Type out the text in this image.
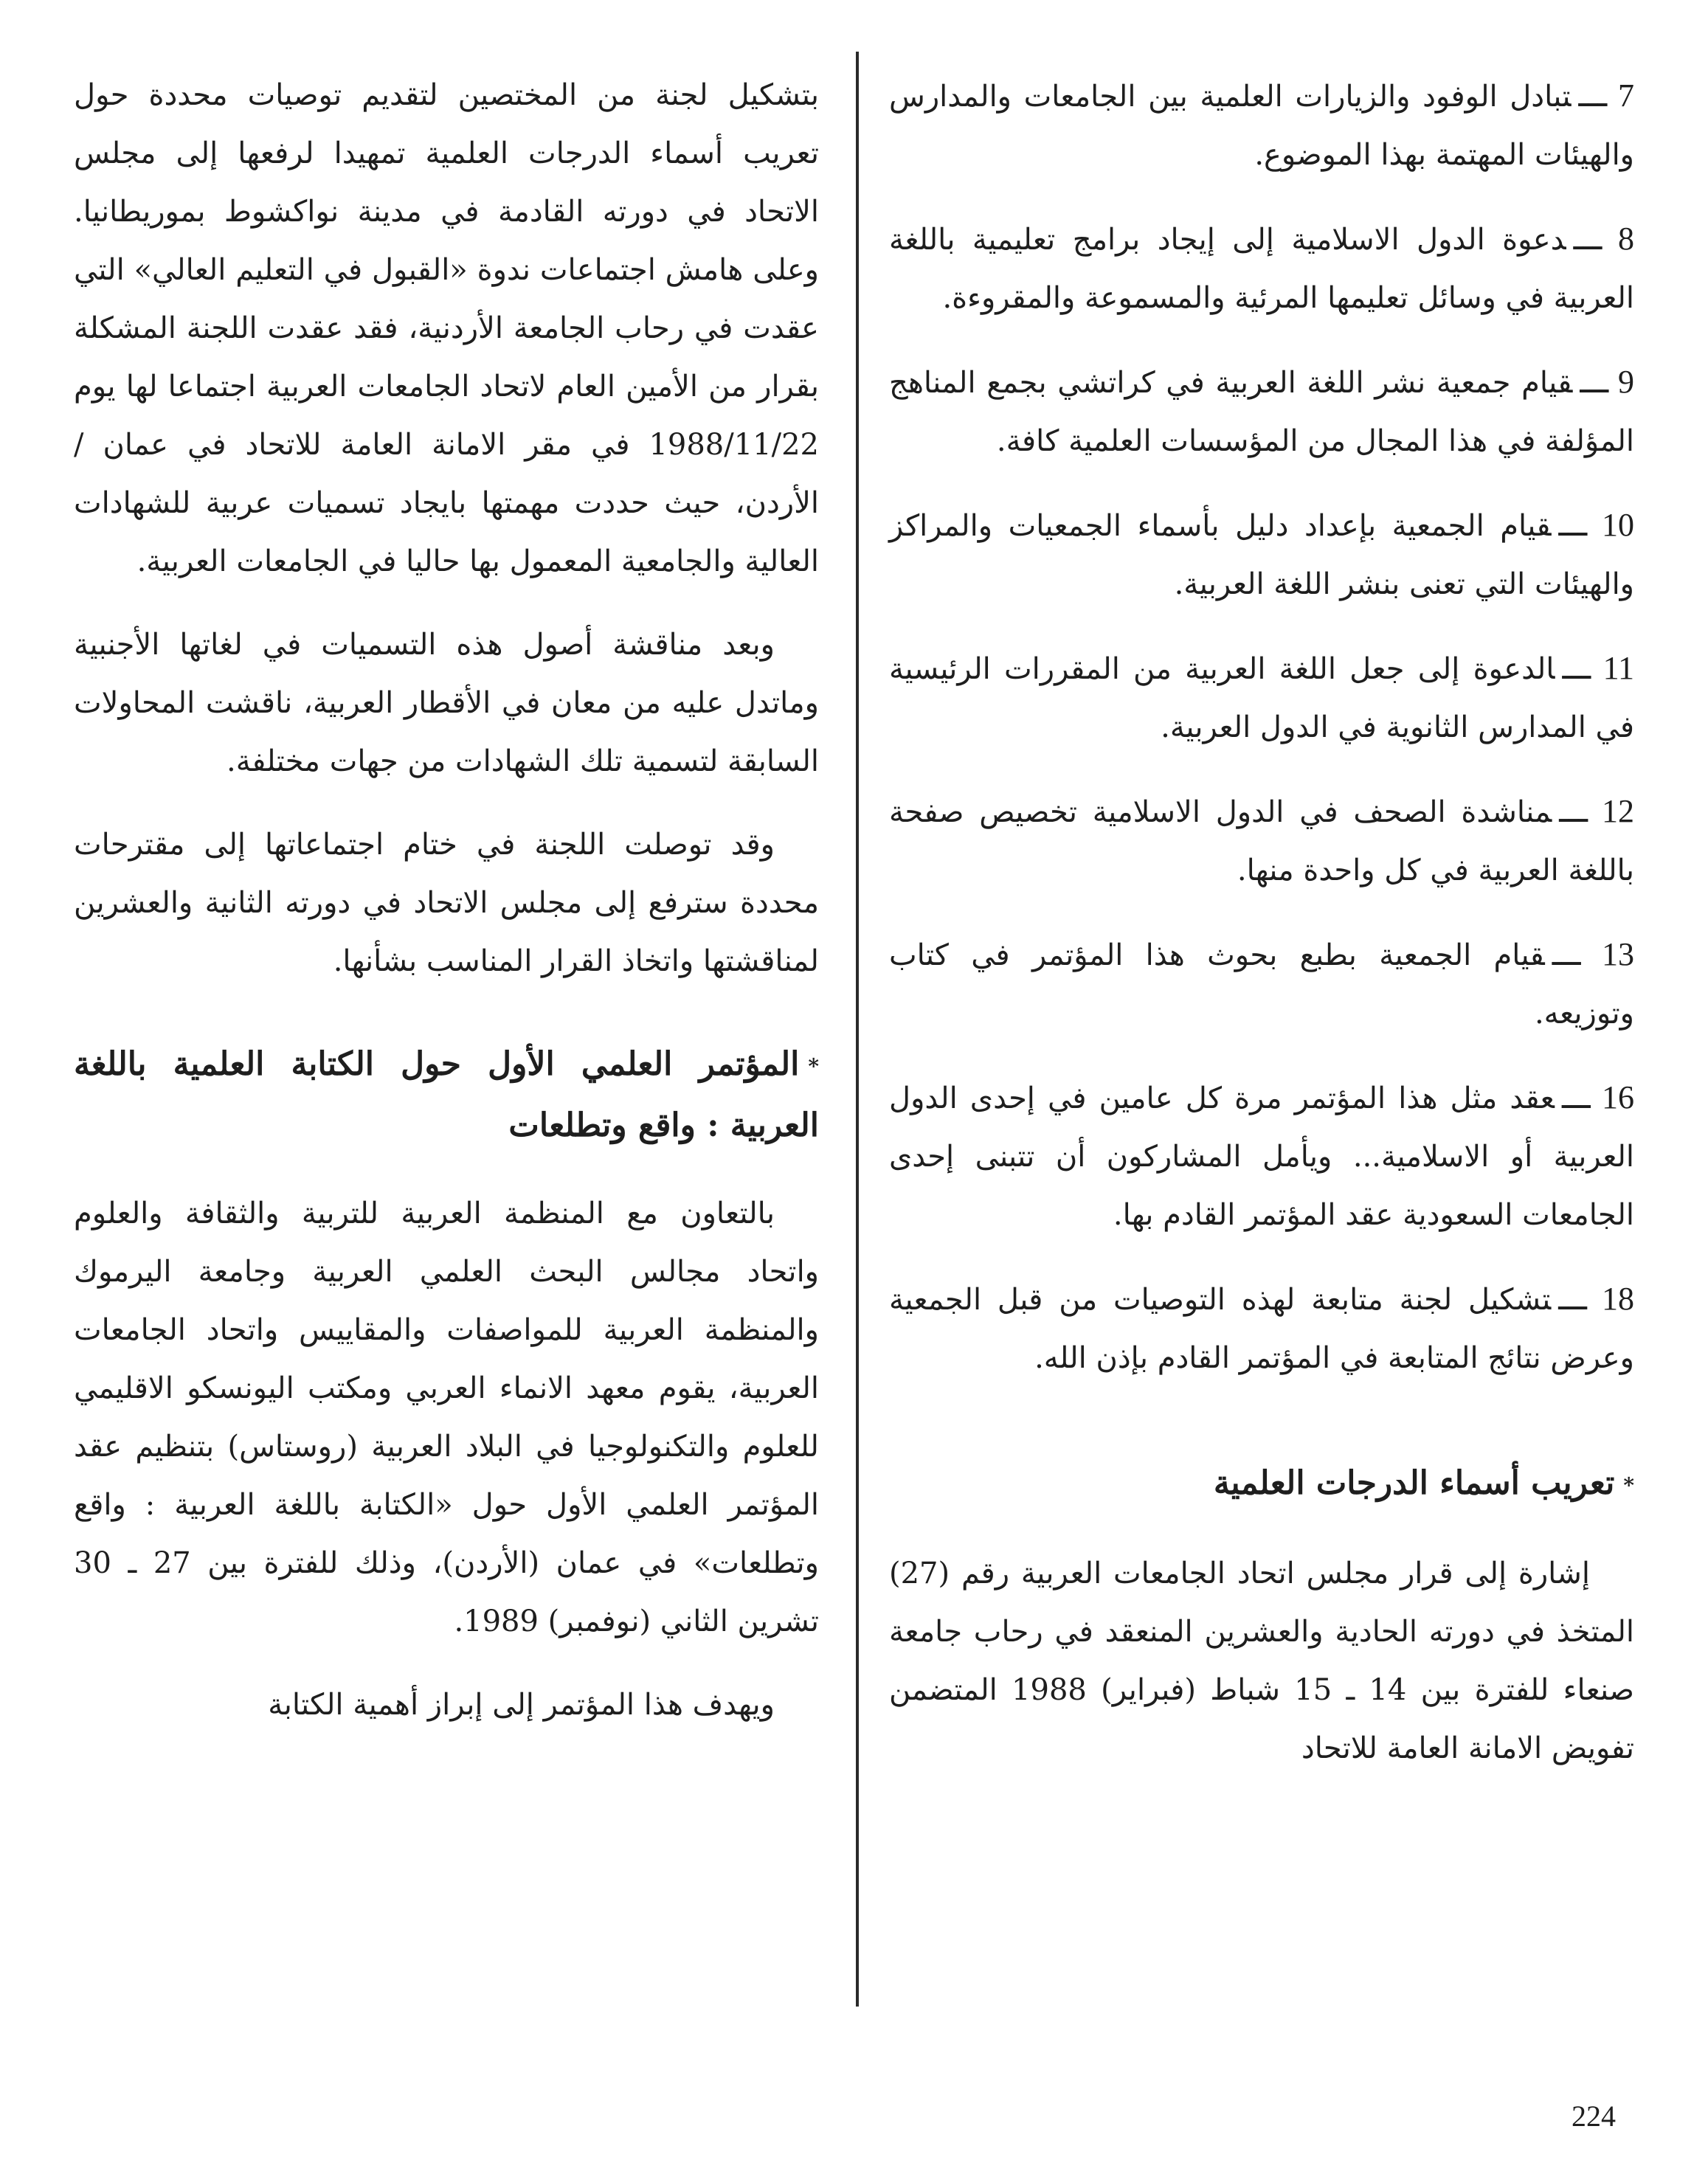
7 ـــتبادل الوفود والزيارات العلمية بين الجامعات والمدارس والهيئات المهتمة بهذا الموضوع.

8 ـــدعوة الدول الاسلامية إلى إيجاد برامج تعليمية باللغة العربية في وسائل تعليمها المرئية والمسموعة والمقروءة.

9 ـــقيام جمعية نشر اللغة العربية في كراتشي بجمع المناهج المؤلفة في هذا المجال من المؤسسات العلمية كافة.

10 ـــقيام الجمعية بإعداد دليل بأسماء الجمعيات والمراكز والهيئات التي تعنى بنشر اللغة العربية.

11 ـــالدعوة إلى جعل اللغة العربية من المقررات الرئيسية في المدارس الثانوية في الدول العربية.

12 ـــمناشدة الصحف في الدول الاسلامية تخصيص صفحة باللغة العربية في كل واحدة منها.

13 ـــقيام الجمعية بطبع بحوث هذا المؤتمر في كتاب وتوزيعه.

16 ـــعقد مثل هذا المؤتمر مرة كل عامين في إحدى الدول العربية أو الاسلامية... ويأمل المشاركون أن تتبنى إحدى الجامعات السعودية عقد المؤتمر القادم بها.

18 ـــتشكيل لجنة متابعة لهذه التوصيات من قبل الجمعية وعرض نتائج المتابعة في المؤتمر القادم بإذن الله.

*تعريب أسماء الدرجات العلمية

إشارة إلى قرار مجلس اتحاد الجامعات العربية رقم (27) المتخذ في دورته الحادية والعشرين المنعقد في رحاب جامعة صنعاء للفترة بين 14 ـ 15 شباط (فبراير) 1988 المتضمن تفويض الامانة العامة للاتحاد

بتشكيل لجنة من المختصين لتقديم توصيات محددة حول تعريب أسماء الدرجات العلمية تمهيدا لرفعها إلى مجلس الاتحاد في دورته القادمة في مدينة نواكشوط بموريطانيا. وعلى هامش اجتماعات ندوة «القبول في التعليم العالي» التي عقدت في رحاب الجامعة الأردنية، فقد عقدت اللجنة المشكلة بقرار من الأمين العام لاتحاد الجامعات العربية اجتماعا لها يوم 1988/11/22 في مقر الامانة العامة للاتحاد في عمان / الأردن، حيث حددت مهمتها بايجاد تسميات عربية للشهادات العالية والجامعية المعمول بها حاليا في الجامعات العربية.

وبعد مناقشة أصول هذه التسميات في لغاتها الأجنبية وماتدل عليه من معان في الأقطار العربية، ناقشت المحاولات السابقة لتسمية تلك الشهادات من جهات مختلفة.

وقد توصلت اللجنة في ختام اجتماعاتها إلى مقترحات محددة سترفع إلى مجلس الاتحاد في دورته الثانية والعشرين لمناقشتها واتخاذ القرار المناسب بشأنها.

*المؤتمر العلمي الأول حول الكتابة العلمية باللغة العربية : واقع وتطلعات

بالتعاون مع المنظمة العربية للتربية والثقافة والعلوم واتحاد مجالس البحث العلمي العربية وجامعة اليرموك والمنظمة العربية للمواصفات والمقاييس واتحاد الجامعات العربية، يقوم معهد الانماء العربي ومكتب اليونسكو الاقليمي للعلوم والتكنولوجيا في البلاد العربية (روستاس) بتنظيم عقد المؤتمر العلمي الأول حول «الكتابة باللغة العربية : واقع وتطلعات» في عمان (الأردن)، وذلك للفترة بين 27 ـ 30 تشرين الثاني (نوفمبر) 1989.

ويهدف هذا المؤتمر إلى إبراز أهمية الكتابة

224
